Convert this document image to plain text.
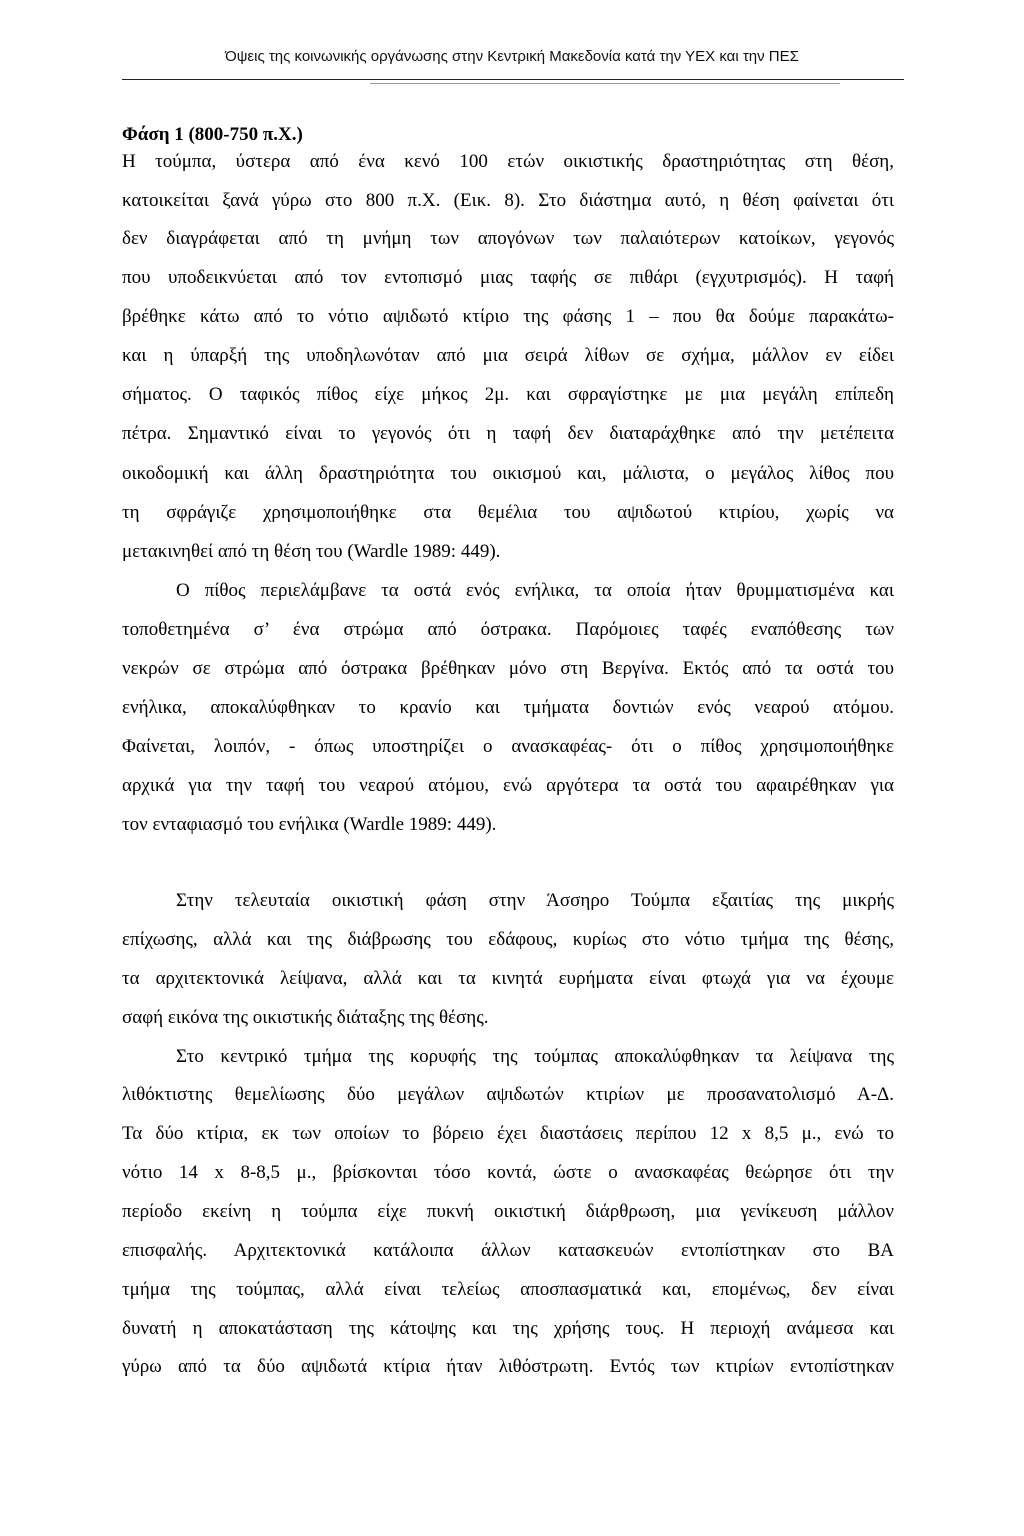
Όψεις της κοινωνικής οργάνωσης στην Κεντρική Μακεδονία κατά την ΥΕΧ και την ΠΕΣ
Φάση 1 (800-750 π.Χ.)
Η τούμπα, ύστερα από ένα κενό 100 ετών οικιστικής δραστηριότητας στη θέση,
κατοικείται ξανά γύρω στο 800 π.Χ. (Εικ. 8). Στο διάστημα αυτό, η θέση φαίνεται ότι
δεν διαγράφεται από τη μνήμη των απογόνων των παλαιότερων κατοίκων, γεγονός
που υποδεικνύεται από τον εντοπισμό μιας ταφής σε πιθάρι (εγχυτρισμός). Η ταφή
βρέθηκε κάτω από το νότιο αψιδωτό κτίριο της φάσης 1 – που θα δούμε παρακάτω-
και η ύπαρξή της υποδηλωνόταν από μια σειρά λίθων σε σχήμα, μάλλον εν είδει
σήματος. Ο ταφικός πίθος είχε μήκος 2μ. και σφραγίστηκε με μια μεγάλη επίπεδη
πέτρα. Σημαντικό είναι το γεγονός ότι η ταφή δεν διαταράχθηκε από την μετέπειτα
οικοδομική και άλλη δραστηριότητα του οικισμού και, μάλιστα, ο μεγάλος λίθος που
τη σφράγιζε χρησιμοποιήθηκε στα θεμέλια του αψιδωτού κτιρίου, χωρίς να
μετακινηθεί από τη θέση του (Wardle 1989: 449).
Ο πίθος περιελάμβανε τα οστά ενός ενήλικα, τα οποία ήταν θρυμματισμένα και
τοποθετημένα σ’ ένα στρώμα από όστρακα. Παρόμοιες ταφές εναπόθεσης των
νεκρών σε στρώμα από όστρακα βρέθηκαν μόνο στη Βεργίνα. Εκτός από τα οστά του
ενήλικα, αποκαλύφθηκαν το κρανίο και τμήματα δοντιών ενός νεαρού ατόμου.
Φαίνεται, λοιπόν, - όπως υποστηρίζει ο ανασκαφέας- ότι ο πίθος χρησιμοποιήθηκε
αρχικά για την ταφή του νεαρού ατόμου, ενώ αργότερα τα οστά του αφαιρέθηκαν για
τον ενταφιασμό του ενήλικα (Wardle 1989: 449).
Στην τελευταία οικιστική φάση στην Άσσηρο Τούμπα εξαιτίας της μικρής
επίχωσης, αλλά και της διάβρωσης του εδάφους, κυρίως στο νότιο τμήμα της θέσης,
τα αρχιτεκτονικά λείψανα, αλλά και τα κινητά ευρήματα είναι φτωχά για να έχουμε
σαφή εικόνα της οικιστικής διάταξης της θέσης.
Στο κεντρικό τμήμα της κορυφής της τούμπας αποκαλύφθηκαν τα λείψανα της
λιθόκτιστης θεμελίωσης δύο μεγάλων αψιδωτών κτιρίων με προσανατολισμό Α-Δ.
Τα δύο κτίρια, εκ των οποίων το βόρειο έχει διαστάσεις περίπου 12 x 8,5 μ., ενώ το
νότιο 14 x 8-8,5 μ., βρίσκονται τόσο κοντά, ώστε ο ανασκαφέας θεώρησε ότι την
περίοδο εκείνη η τούμπα είχε πυκνή οικιστική διάρθρωση, μια γενίκευση μάλλον
επισφαλής. Αρχιτεκτονικά κατάλοιπα άλλων κατασκευών εντοπίστηκαν στο ΒΑ
τμήμα της τούμπας, αλλά είναι τελείως αποσπασματικά και, επομένως, δεν είναι
δυνατή η αποκατάσταση της κάτοψης και της χρήσης τους. Η περιοχή ανάμεσα και
γύρω από τα δύο αψιδωτά κτίρια ήταν λιθόστρωτη. Εντός των κτιρίων εντοπίστηκαν
